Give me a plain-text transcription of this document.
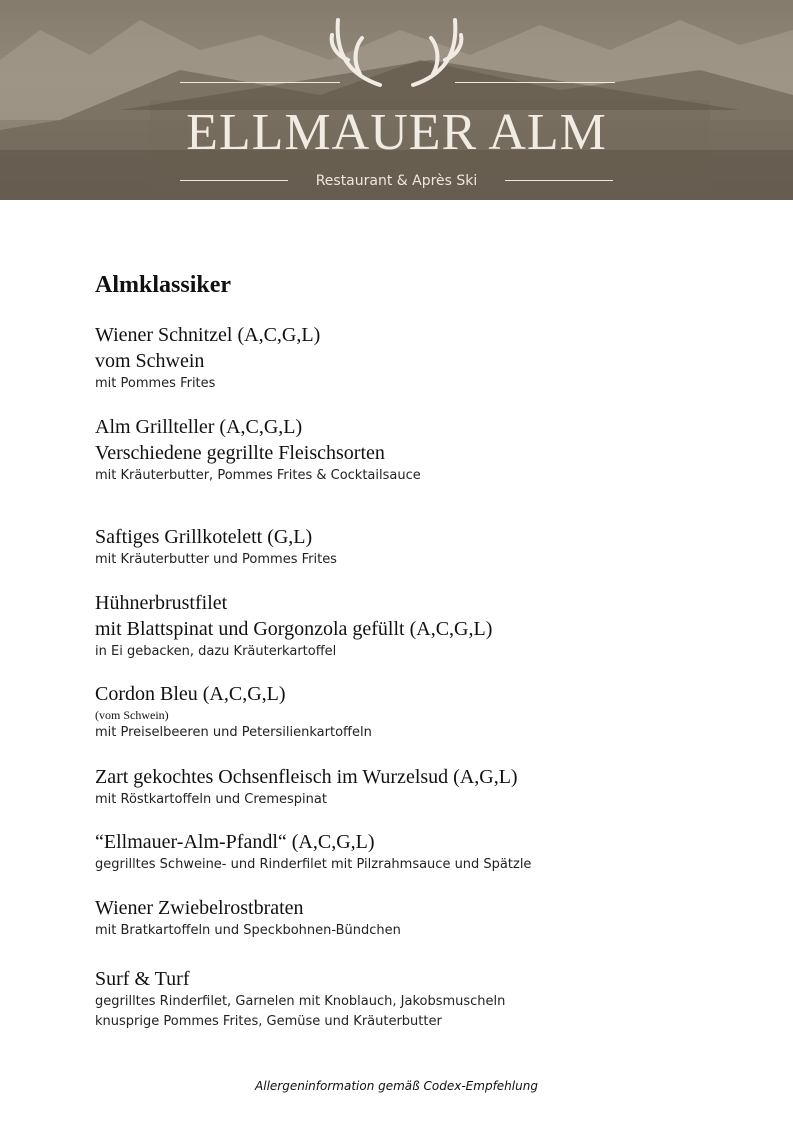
ELLMAUER ALM
Restaurant & Après Ski
Almklassiker
Wiener Schnitzel (A,C,G,L)
vom Schwein
mit Pommes Frites
Alm Grillteller (A,C,G,L)
Verschiedene gegrillte Fleischsorten
mit Kräuterbutter, Pommes Frites & Cocktailsauce
Saftiges Grillkotelett (G,L)
mit Kräuterbutter und Pommes Frites
Hühnerbrustfilet
mit Blattspinat und Gorgonzola gefüllt (A,C,G,L)
in Ei gebacken, dazu Kräuterkartoffel
Cordon Bleu (A,C,G,L)
(vom Schwein)
mit Preiselbeeren und Petersilienkartoffeln
Zart gekochtes Ochsenfleisch im Wurzelsud (A,G,L)
mit Röstkartoffeln und Cremespinat
“Ellmauer-Alm-Pfandl“ (A,C,G,L)
gegrilltes Schweine- und Rinderfilet mit Pilzrahmsauce und Spätzle
Wiener Zwiebelrostbraten
mit Bratkartoffeln und Speckbohnen-Bündchen
Surf & Turf
gegrilltes Rinderfilet, Garnelen mit Knoblauch, Jakobsmuscheln
knusprige Pommes Frites, Gemüse und Kräuterbutter
Allergeninformation gemäß Codex-Empfehlung
